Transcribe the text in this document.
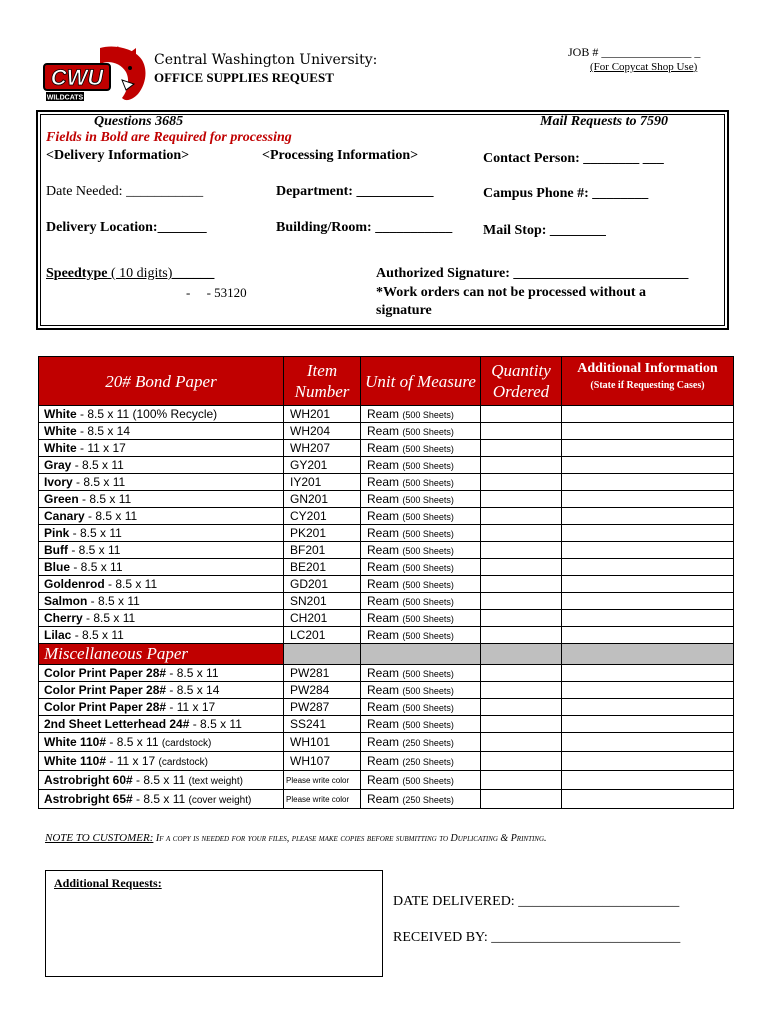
CWU
WILDCATS
Central Washington University:
OFFICE SUPPLIES REQUEST
JOB # _______________ _
(For Copycat Shop Use)
Questions 3685
Fields in Bold are Required for processing
Mail Requests to 7590
<Delivery Information>	<Processing Information>	Contact Person: ________ ___
Date Needed: ___________	Department: ___________	Campus Phone #: ________
Delivery Location:_______	Building/Room: ___________ Mail Stop: ________
Speedtype ( 10 digits)______
-     - 53120
Authorized Signature: _________________________
*Work orders can not be processed without a signature
20# Bond Paper	Item Number	Unit of Measure	Quantity Ordered	Additional Information
(State if Requesting Cases)

White - 8.5 x 11 (100% Recycle)	WH201	Ream (500 Sheets)		
White - 8.5 x 14	WH204	Ream (500 Sheets)		
White - 11 x 17	WH207	Ream (500 Sheets)		
Gray - 8.5 x 11	GY201	Ream (500 Sheets)		
Ivory - 8.5 x 11	IY201	Ream (500 Sheets)		
Green - 8.5 x 11	GN201	Ream (500 Sheets)		
Canary - 8.5 x 11	CY201	Ream (500 Sheets)		
Pink - 8.5 x 11	PK201	Ream (500 Sheets)		
Buff - 8.5 x 11	BF201	Ream (500 Sheets)		
Blue - 8.5 x 11	BE201	Ream (500 Sheets)		
Goldenrod - 8.5 x 11	GD201	Ream (500 Sheets)		
Salmon - 8.5 x 11	SN201	Ream (500 Sheets)		
Cherry - 8.5 x 11	CH201	Ream (500 Sheets)		
Lilac - 8.5 x 11	LC201	Ream (500 Sheets)		
Miscellaneous Paper				
Color Print Paper 28# - 8.5 x 11	PW281	Ream (500 Sheets)		
Color Print Paper 28# - 8.5 x 14	PW284	Ream (500 Sheets)		
Color Print Paper 28# - 11 x 17	PW287	Ream (500 Sheets)		
2nd Sheet Letterhead 24# - 8.5 x 11	SS241	Ream (500 Sheets)		
White 110# - 8.5 x 11 (cardstock)	WH101	Ream (250 Sheets)		
White 110# - 11 x 17 (cardstock)	WH107	Ream (250 Sheets)		
Astrobright 60# - 8.5 x 11 (text weight)	Please write color	Ream (500 Sheets)		
Astrobright 65# - 8.5 x 11 (cover weight)	Please write color	Ream (250 Sheets)		
NOTE TO CUSTOMER: If a copy is needed for your files, please make copies before submitting to Duplicating & Printing.
Additional Requests:
DATE DELIVERED: _______________________
RECEIVED BY: ___________________________
